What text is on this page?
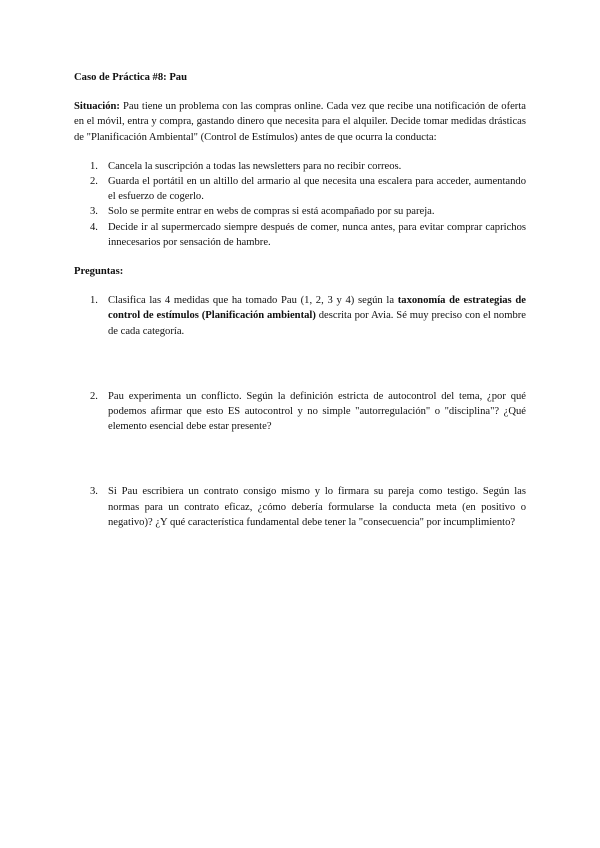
Caso de Práctica #8: Pau

Situación: Pau tiene un problema con las compras online. Cada vez que recibe una notificación de oferta en el móvil, entra y compra, gastando dinero que necesita para el alquiler. Decide tomar medidas drásticas de "Planificación Ambiental" (Control de Estímulos) antes de que ocurra la conducta:

1. Cancela la suscripción a todas las newsletters para no recibir correos.
2. Guarda el portátil en un altillo del armario al que necesita una escalera para acceder, aumentando el esfuerzo de cogerlo.
3. Solo se permite entrar en webs de compras si está acompañado por su pareja.
4. Decide ir al supermercado siempre después de comer, nunca antes, para evitar comprar caprichos innecesarios por sensación de hambre.

Preguntas:

1. Clasifica las 4 medidas que ha tomado Pau (1, 2, 3 y 4) según la taxonomía de estrategias de control de estímulos (Planificación ambiental) descrita por Avia. Sé muy preciso con el nombre de cada categoría.
2. Pau experimenta un conflicto. Según la definición estricta de autocontrol del tema, ¿por qué podemos afirmar que esto ES autocontrol y no simple "autorregulación" o "disciplina"? ¿Qué elemento esencial debe estar presente?
3. Si Pau escribiera un contrato consigo mismo y lo firmara su pareja como testigo. Según las normas para un contrato eficaz, ¿cómo debería formularse la conducta meta (en positivo o negativo)? ¿Y qué característica fundamental debe tener la "consecuencia" por incumplimiento?
